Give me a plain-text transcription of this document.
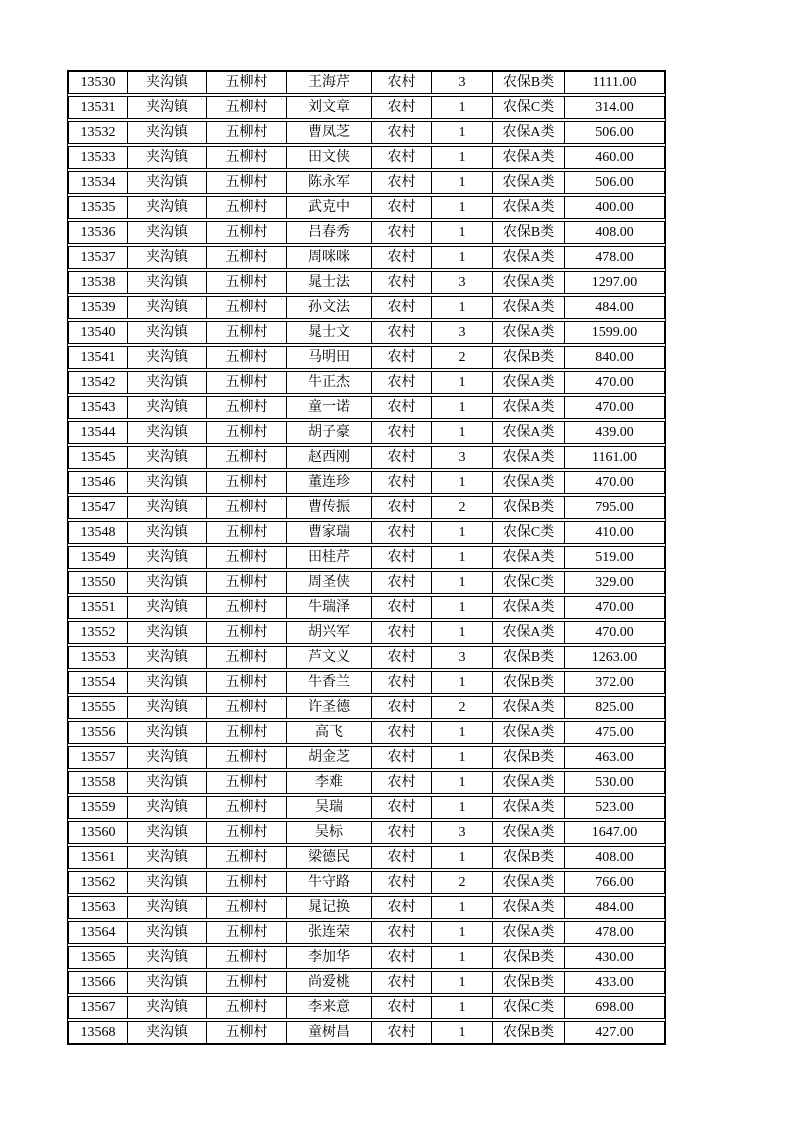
13530	夹沟镇	五柳村	王海芹	农村	3	农保B类	1111.00
13531	夹沟镇	五柳村	刘文章	农村	1	农保C类	314.00
13532	夹沟镇	五柳村	曹凤芝	农村	1	农保A类	506.00
13533	夹沟镇	五柳村	田文侠	农村	1	农保A类	460.00
13534	夹沟镇	五柳村	陈永军	农村	1	农保A类	506.00
13535	夹沟镇	五柳村	武克中	农村	1	农保A类	400.00
13536	夹沟镇	五柳村	吕春秀	农村	1	农保B类	408.00
13537	夹沟镇	五柳村	周咪咪	农村	1	农保A类	478.00
13538	夹沟镇	五柳村	晁士法	农村	3	农保A类	1297.00
13539	夹沟镇	五柳村	孙文法	农村	1	农保A类	484.00
13540	夹沟镇	五柳村	晁士文	农村	3	农保A类	1599.00
13541	夹沟镇	五柳村	马明田	农村	2	农保B类	840.00
13542	夹沟镇	五柳村	牛正杰	农村	1	农保A类	470.00
13543	夹沟镇	五柳村	童一诺	农村	1	农保A类	470.00
13544	夹沟镇	五柳村	胡子豪	农村	1	农保A类	439.00
13545	夹沟镇	五柳村	赵西刚	农村	3	农保A类	1161.00
13546	夹沟镇	五柳村	董连珍	农村	1	农保A类	470.00
13547	夹沟镇	五柳村	曹传振	农村	2	农保B类	795.00
13548	夹沟镇	五柳村	曹家瑞	农村	1	农保C类	410.00
13549	夹沟镇	五柳村	田桂芹	农村	1	农保A类	519.00
13550	夹沟镇	五柳村	周圣侠	农村	1	农保C类	329.00
13551	夹沟镇	五柳村	牛瑞泽	农村	1	农保A类	470.00
13552	夹沟镇	五柳村	胡兴军	农村	1	农保A类	470.00
13553	夹沟镇	五柳村	芦文义	农村	3	农保B类	1263.00
13554	夹沟镇	五柳村	牛香兰	农村	1	农保B类	372.00
13555	夹沟镇	五柳村	许圣德	农村	2	农保A类	825.00
13556	夹沟镇	五柳村	高飞	农村	1	农保A类	475.00
13557	夹沟镇	五柳村	胡金芝	农村	1	农保B类	463.00
13558	夹沟镇	五柳村	李难	农村	1	农保A类	530.00
13559	夹沟镇	五柳村	吴瑞	农村	1	农保A类	523.00
13560	夹沟镇	五柳村	吴标	农村	3	农保A类	1647.00
13561	夹沟镇	五柳村	梁德民	农村	1	农保B类	408.00
13562	夹沟镇	五柳村	牛守路	农村	2	农保A类	766.00
13563	夹沟镇	五柳村	晁记换	农村	1	农保A类	484.00
13564	夹沟镇	五柳村	张连荣	农村	1	农保A类	478.00
13565	夹沟镇	五柳村	李加华	农村	1	农保B类	430.00
13566	夹沟镇	五柳村	尚爱桃	农村	1	农保B类	433.00
13567	夹沟镇	五柳村	李来意	农村	1	农保C类	698.00
13568	夹沟镇	五柳村	童树昌	农村	1	农保B类	427.00
